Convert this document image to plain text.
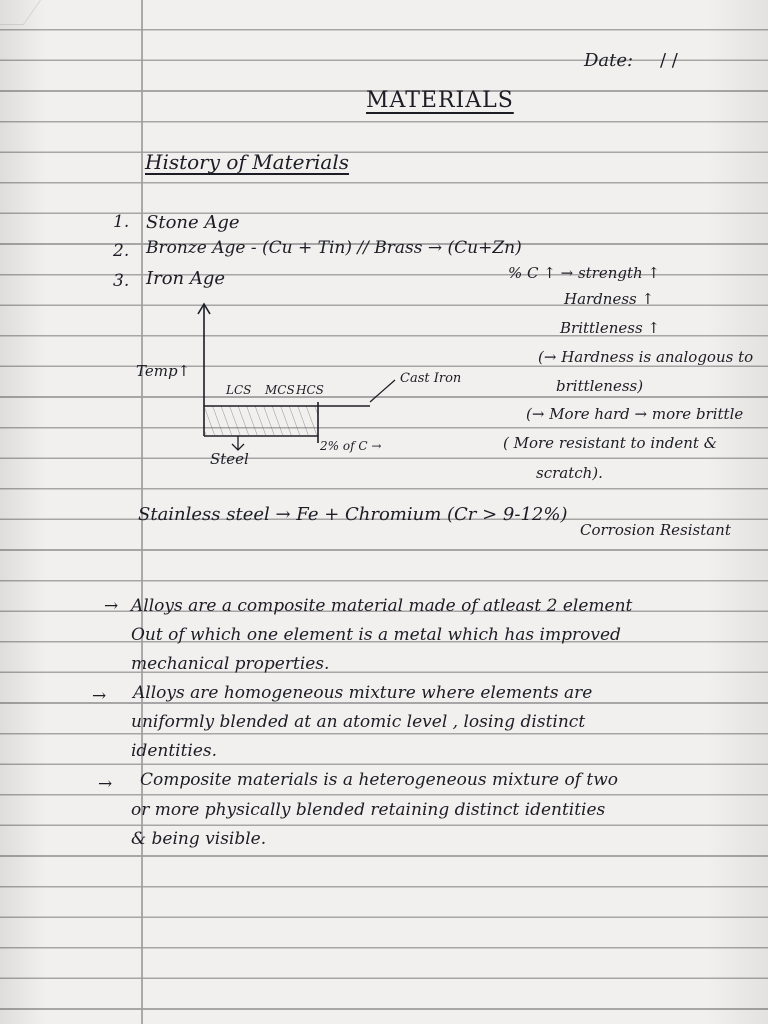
Date: / /
MATERIALS
History of Materials
1. Stone Age
2. Bronze Age - (Cu + Tin) // Brass → (Cu+Zn)
3. Iron Age	% C ↑ → strength ↑
Hardness ↑
Brittleness ↑
(→ Hardness is analogous to
brittleness)
(→ More hard → more brittle
( More resistant to indent &
scratch).
Temp↑
LCS MCS HCS
Cast Iron
Steel
2% of C →
Stainless steel → Fe + Chromium (Cr > 9-12%)
Corrosion Resistant
→ Alloys are a composite material made of atleast 2 element
Out of which one element is a metal which has improved
mechanical properties.
→ Alloys are homogeneous mixture where elements are
uniformly blended at an atomic level , losing distinct
identities.
→ Composite materials is a heterogeneous mixture of two
or more physically blended retaining distinct identities
& being visible.
